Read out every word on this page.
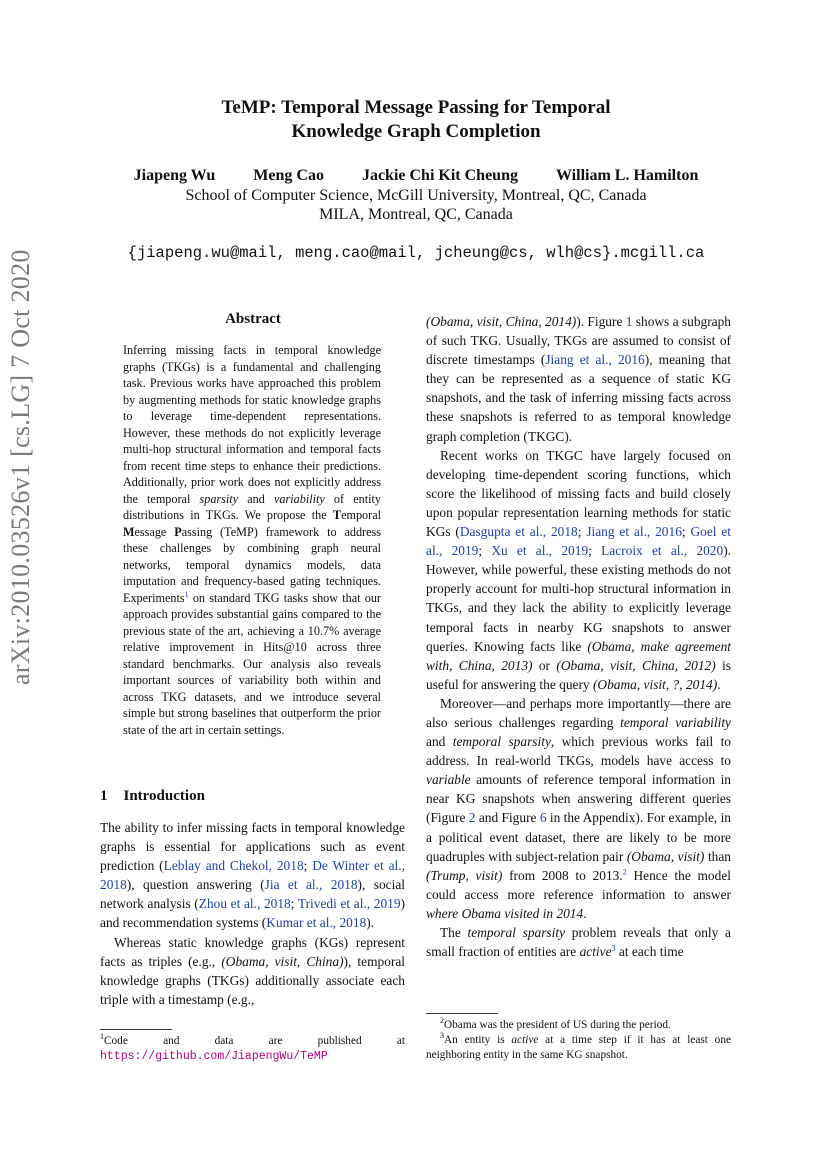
arXiv:2010.03526v1 [cs.LG] 7 Oct 2020
TeMP: Temporal Message Passing for Temporal
Knowledge Graph Completion
Jiapeng Wu Meng Cao Jackie Chi Kit Cheung William L. Hamilton
School of Computer Science, McGill University, Montreal, QC, Canada
MILA, Montreal, QC, Canada
{jiapeng.wu@mail, meng.cao@mail, jcheung@cs, wlh@cs}.mcgill.ca
Abstract
Inferring missing facts in temporal knowledge graphs (TKGs) is a fundamental and challenging task. Previous works have approached this problem by augmenting methods for static knowledge graphs to leverage time-dependent representations. However, these methods do not explicitly leverage multi-hop structural information and temporal facts from recent time steps to enhance their predictions. Additionally, prior work does not explicitly address the temporal sparsity and variability of entity distributions in TKGs. We propose the Temporal Message Passing (TeMP) framework to address these challenges by combining graph neural networks, temporal dynamics models, data imputation and frequency-based gating techniques. Experiments$^1$ on standard TKG tasks show that our approach provides substantial gains compared to the previous state of the art, achieving a 10.7% average relative improvement in Hits@10 across three standard benchmarks. Our analysis also reveals important sources of variability both within and across TKG datasets, and we introduce several simple but strong baselines that outperform the prior state of the art in certain settings.
1 Introduction

The ability to infer missing facts in temporal knowledge graphs is essential for applications such as event prediction (Leblay and Chekol, 2018; De Winter et al., 2018), question answering (Jia et al., 2018), social network analysis (Zhou et al., 2018; Trivedi et al., 2019) and recommendation systems (Kumar et al., 2018).

Whereas static knowledge graphs (KGs) represent facts as triples (e.g., (Obama, visit, China)), temporal knowledge graphs (TKGs) additionally associate each triple with a timestamp (e.g.,

(Obama, visit, China, 2014)). Figure 1 shows a subgraph of such TKG. Usually, TKGs are assumed to consist of discrete timestamps (Jiang et al., 2016), meaning that they can be represented as a sequence of static KG snapshots, and the task of inferring missing facts across these snapshots is referred to as temporal knowledge graph completion (TKGC).

Recent works on TKGC have largely focused on developing time-dependent scoring functions, which score the likelihood of missing facts and build closely upon popular representation learning methods for static KGs (Dasgupta et al., 2018; Jiang et al., 2016; Goel et al., 2019; Xu et al., 2019; Lacroix et al., 2020). However, while powerful, these existing methods do not properly account for multi-hop structural information in TKGs, and they lack the ability to explicitly leverage temporal facts in nearby KG snapshots to answer queries. Knowing facts like (Obama, make agreement with, China, 2013) or (Obama, visit, China, 2012) is useful for answering the query (Obama, visit, ?, 2014).

Moreover—and perhaps more importantly—there are also serious challenges regarding temporal variability and temporal sparsity, which previous works fail to address. In real-world TKGs, models have access to variable amounts of reference temporal information in near KG snapshots when answering different queries (Figure 2 and Figure 6 in the Appendix). For example, in a political event dataset, there are likely to be more quadruples with subject-relation pair (Obama, visit) than (Trump, visit) from 2008 to 2013.$^2$ Hence the model could access more reference information to answer where Obama visited in 2014.

The temporal sparsity problem reveals that only a small fraction of entities are active$^3$ at each time

$^1$Code and data are published at https://github.com/JiapengWu/TeMP
$^2$Obama was the president of US during the period.
$^3$An entity is active at a time step if it has at least one neighboring entity in the same KG snapshot.
